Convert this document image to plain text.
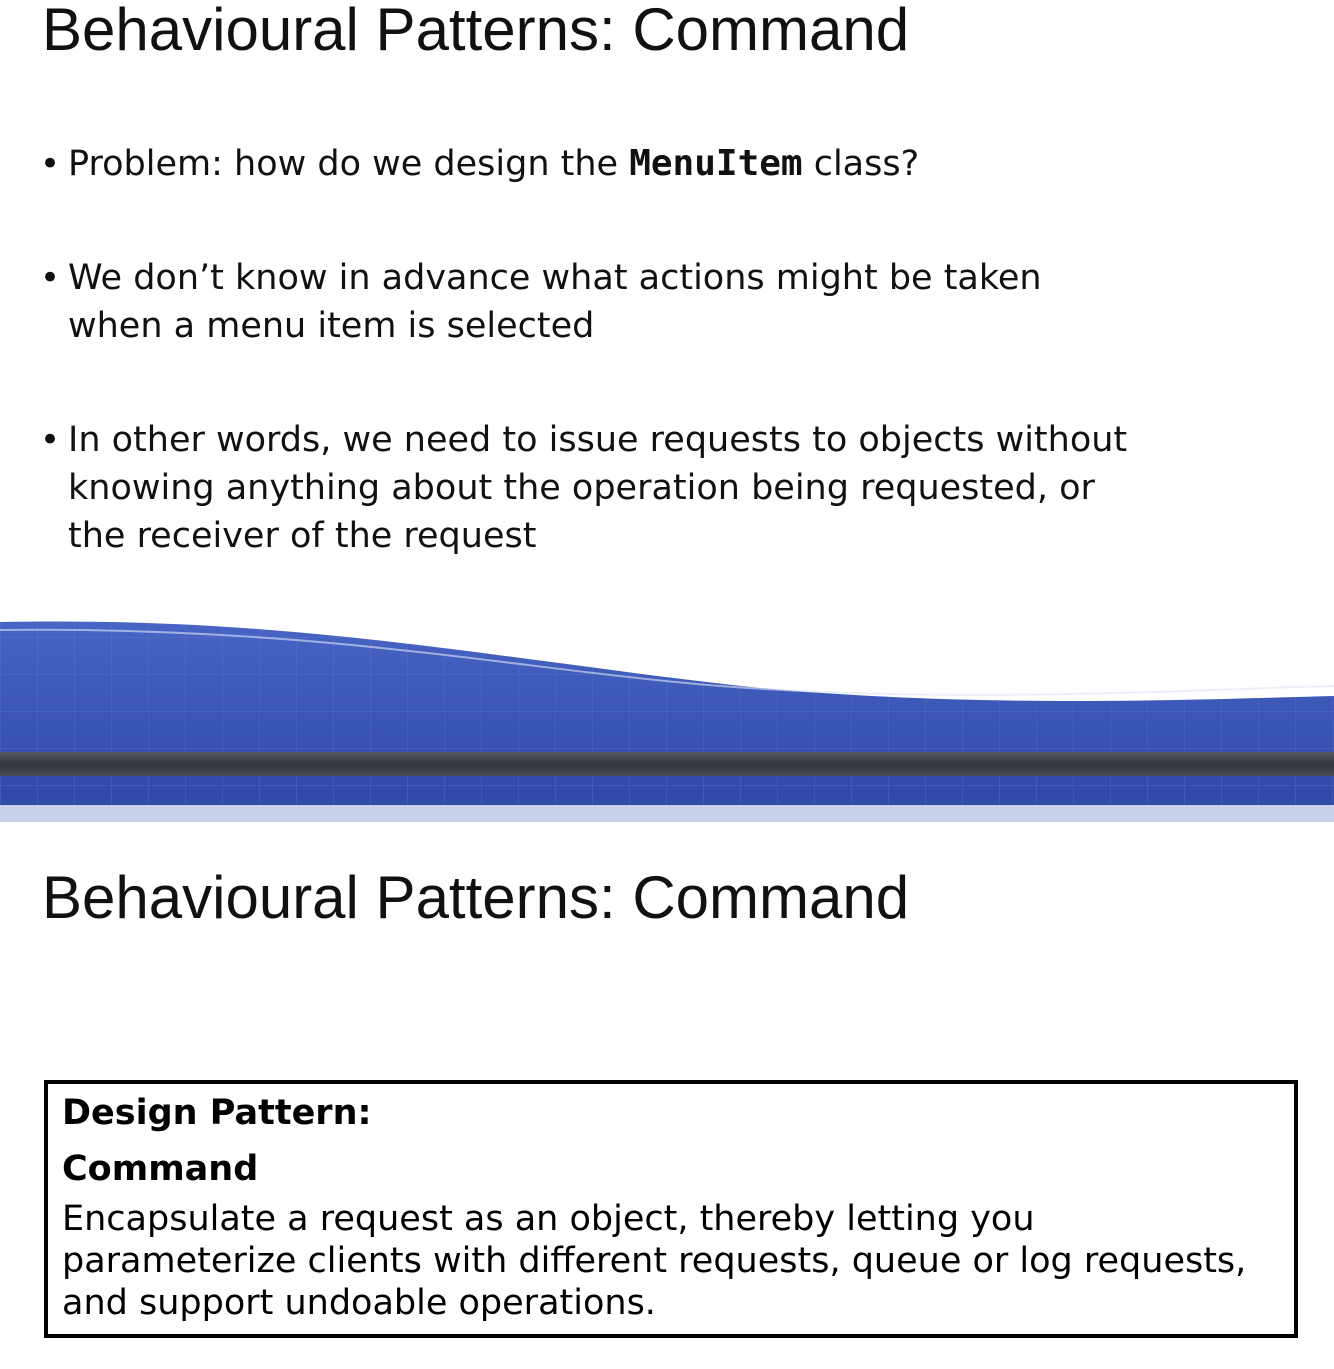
Behavioural Patterns: Command
• Problem: how do we design the MenuItem class?
• We don’t know in advance what actions might be taken when a menu item is selected
• In other words, we need to issue requests to objects without knowing anything about the operation being requested, or the receiver of the request
Behavioural Patterns: Command

Design Pattern:

Command

Encapsulate a request as an object, thereby letting you parameterize clients with different requests, queue or log requests, and support undoable operations.
